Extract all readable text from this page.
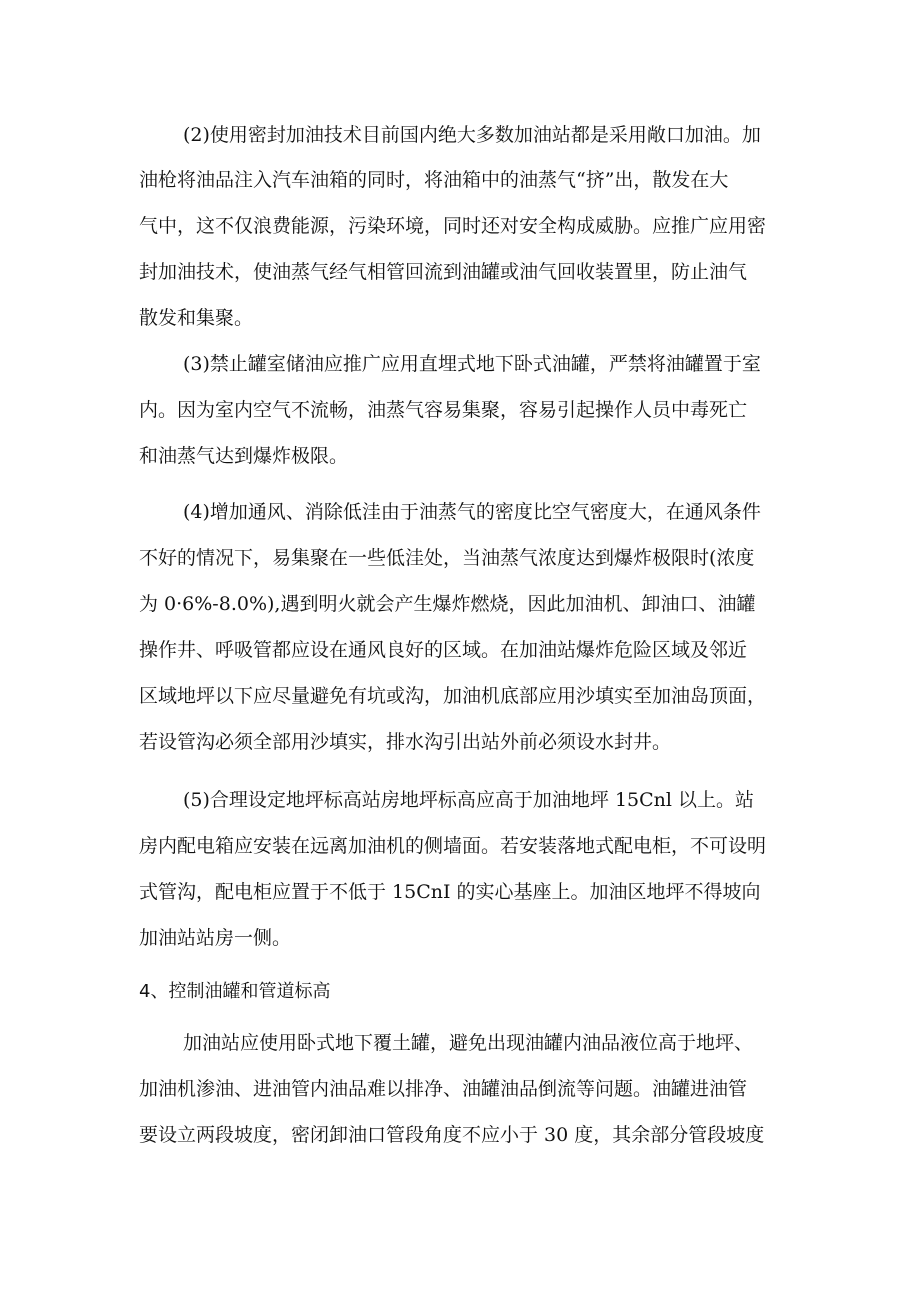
(2)使用密封加油技术目前国内绝大多数加油站都是采用敞口加油。加
油枪将油品注入汽车油箱的同时，将油箱中的油蒸气“挤”出，散发在大
气中，这不仅浪费能源，污染环境，同时还对安全构成威胁。应推广应用密
封加油技术，使油蒸气经气相管回流到油罐或油气回收装置里，防止油气
散发和集聚。
(3)禁止罐室储油应推广应用直埋式地下卧式油罐，严禁将油罐置于室
内。因为室内空气不流畅，油蒸气容易集聚，容易引起操作人员中毒死亡
和油蒸气达到爆炸极限。
(4)增加通风、消除低洼由于油蒸气的密度比空气密度大，在通风条件
不好的情况下，易集聚在一些低洼处，当油蒸气浓度达到爆炸极限时(浓度
为 0·6%-8.0%),遇到明火就会产生爆炸燃烧，因此加油机、卸油口、油罐
操作井、呼吸管都应设在通风良好的区域。在加油站爆炸危险区域及邻近
区域地坪以下应尽量避免有坑或沟，加油机底部应用沙填实至加油岛顶面，
若设管沟必须全部用沙填实，排水沟引出站外前必须设水封井。
(5)合理设定地坪标高站房地坪标高应高于加油地坪 15Cnl 以上。站
房内配电箱应安装在远离加油机的侧墙面。若安装落地式配电柜，不可设明
式管沟，配电柜应置于不低于 15CnI 的实心基座上。加油区地坪不得坡向
加油站站房一侧。
4、控制油罐和管道标高
加油站应使用卧式地下覆土罐，避免出现油罐内油品液位高于地坪、
加油机渗油、进油管内油品难以排净、油罐油品倒流等问题。油罐进油管
要设立两段坡度，密闭卸油口管段角度不应小于 30 度，其余部分管段坡度
